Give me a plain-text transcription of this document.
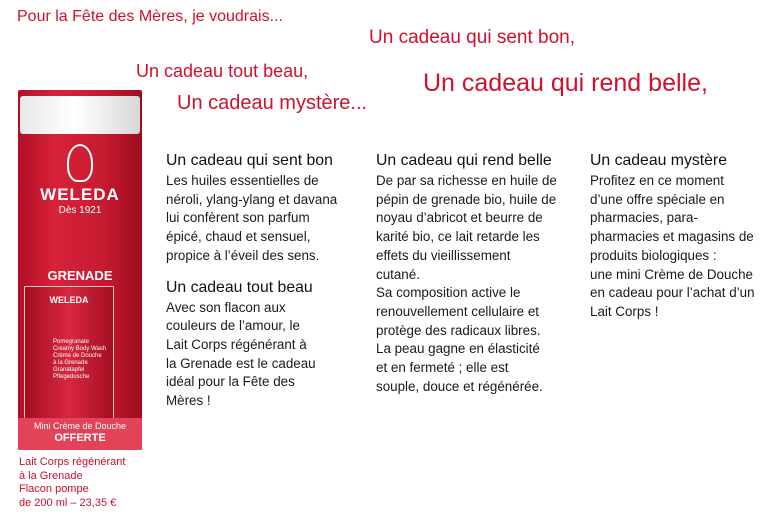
Pour la Fête des Mères, je voudrais...
Un cadeau qui sent bon,
Un cadeau tout beau,	Un cadeau qui rend belle,
Un cadeau mystère...
WELEDA
Dès 1921
GRENADE
WELEDA
Pomegranate
Creamy Body Wash
Crème de Douche
à la Grenade
Granatapfel
Pflegedusche
Mini Crème de Douche
OFFERTE
Lait Corps régénérant
à la Grenade
Flacon pompe
de 200 ml – 23,35 €
Un cadeau qui sent bon

Les huiles essentielles de
néroli, ylang-ylang et davana
lui confèrent son parfum
épicé, chaud et sensuel,
propice à l’éveil des sens.

Un cadeau tout beau

Avec son flacon aux
couleurs de l’amour, le
Lait Corps régénérant à
la Grenade est le cadeau
idéal pour la Fête des
Mères !

Un cadeau qui rend belle

De par sa richesse en huile de
pépin de grenade bio, huile de
noyau d’abricot et beurre de
karité bio, ce lait retarde les
effets du vieillissement
cutané.
Sa composition active le
renouvellement cellulaire et
protège des radicaux libres.
La peau gagne en élasticité
et en fermeté ; elle est
souple, douce et régénérée.

Un cadeau mystère

Profitez en ce moment
d’une offre spéciale en
pharmacies, para-
pharmacies et magasins de
produits biologiques :
une mini Crème de Douche
en cadeau pour l’achat d’un
Lait Corps !
